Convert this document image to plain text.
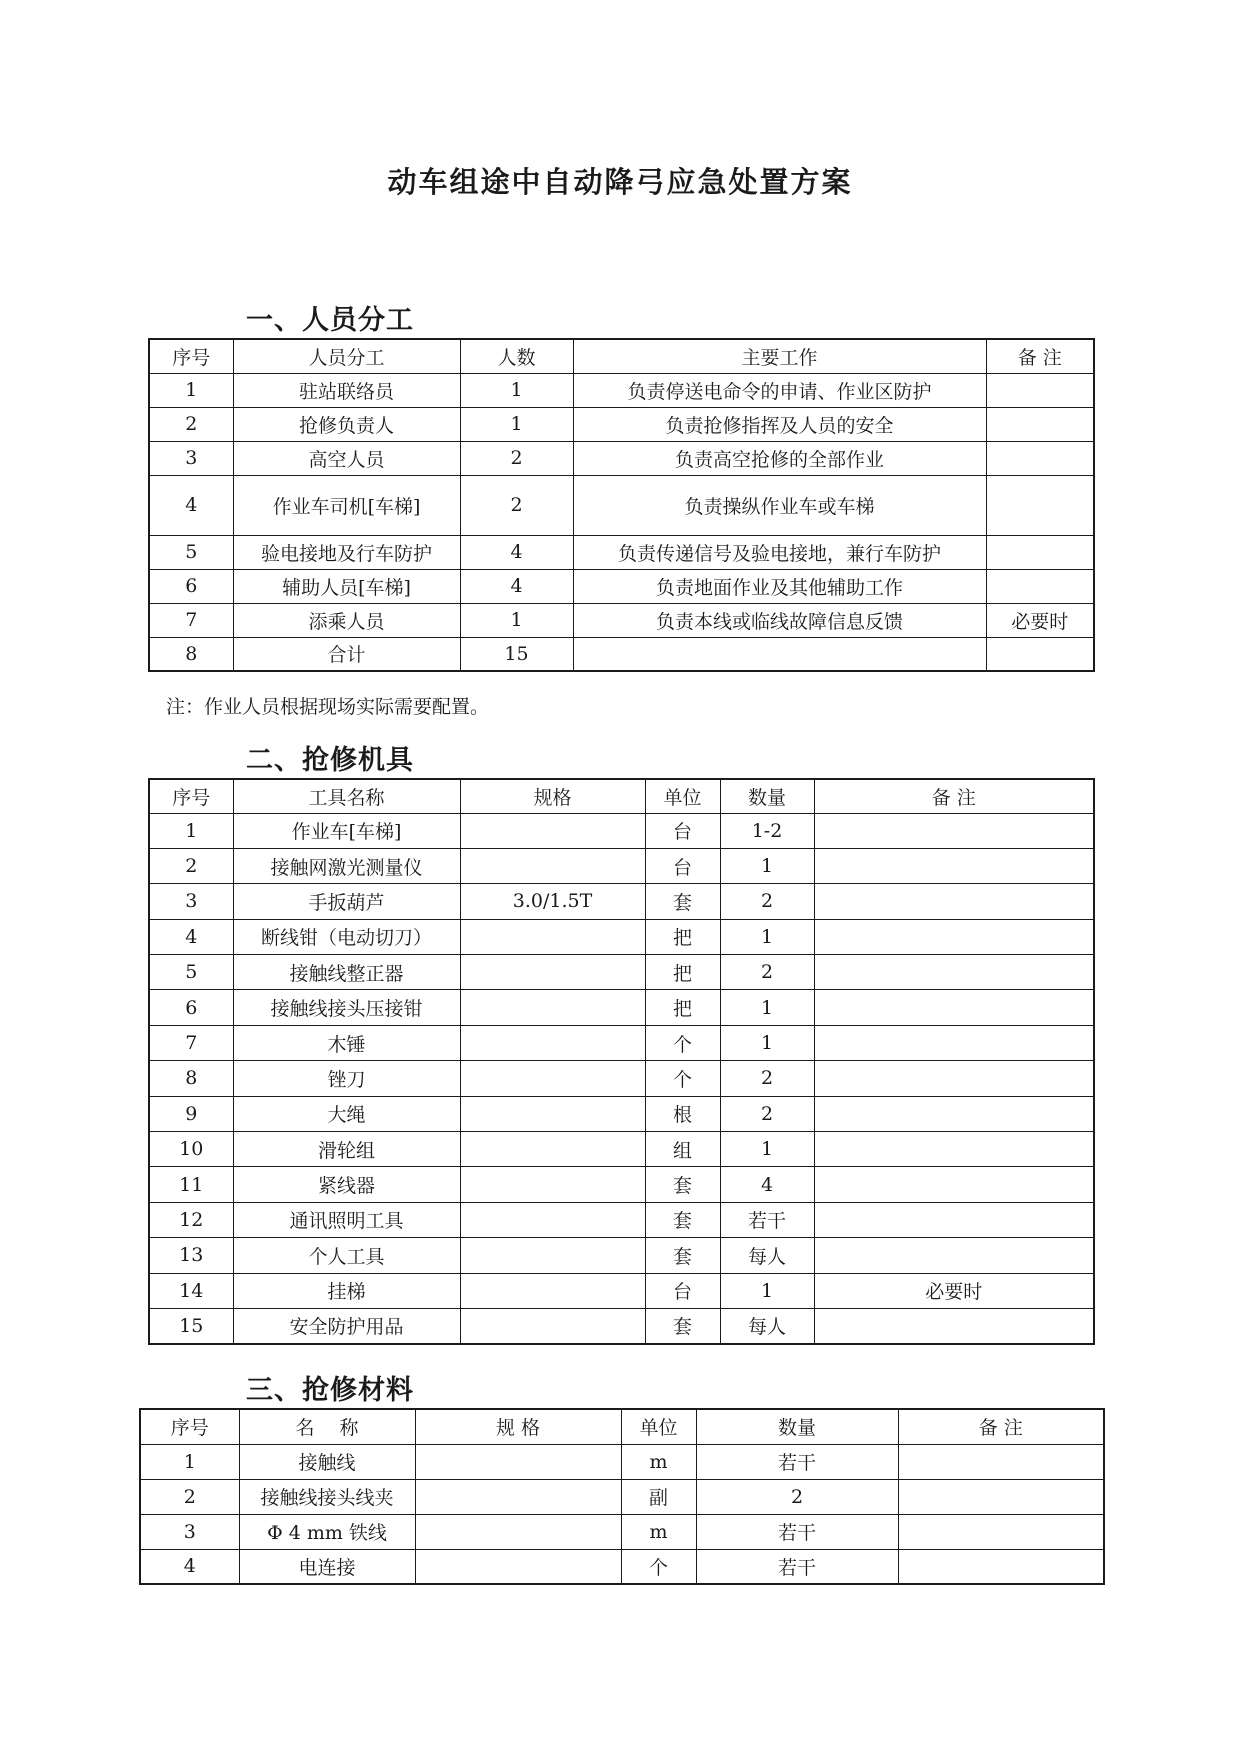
动车组途中自动降弓应急处置方案
一、人员分工
序号	人员分工	人数	主要工作	备 注
1	驻站联络员	1	负责停送电命令的申请、作业区防护	
2	抢修负责人	1	负责抢修指挥及人员的安全	
3	高空人员	2	负责高空抢修的全部作业	
4	作业车司机[车梯]	2	负责操纵作业车或车梯	
5	验电接地及行车防护	4	负责传递信号及验电接地，兼行车防护	
6	辅助人员[车梯]	4	负责地面作业及其他辅助工作	
7	添乘人员	1	负责本线或临线故障信息反馈	必要时
8	合计	15		
注：作业人员根据现场实际需要配置。
二、抢修机具
序号	工具名称	规格	单位	数量	备 注
1	作业车[车梯]		台	1-2	
2	接触网激光测量仪		台	1	
3	手扳葫芦	3.0/1.5T	套	2	
4	断线钳（电动切刀）		把	1	
5	接触线整正器		把	2	
6	接触线接头压接钳		把	1	
7	木锤		个	1	
8	锉刀		个	2	
9	大绳		根	2	
10	滑轮组		组	1	
11	紧线器		套	4	
12	通讯照明工具		套	若干	
13	个人工具		套	每人	
14	挂梯		台	1	必要时
15	安全防护用品		套	每人	
三、抢修材料
序号	名　 称	规 格	单位	数量	备 注
1	接触线		m	若干	
2	接触线接头线夹		副	2	
3	Φ 4 mm 铁线		m	若干	
4	电连接		个	若干	
